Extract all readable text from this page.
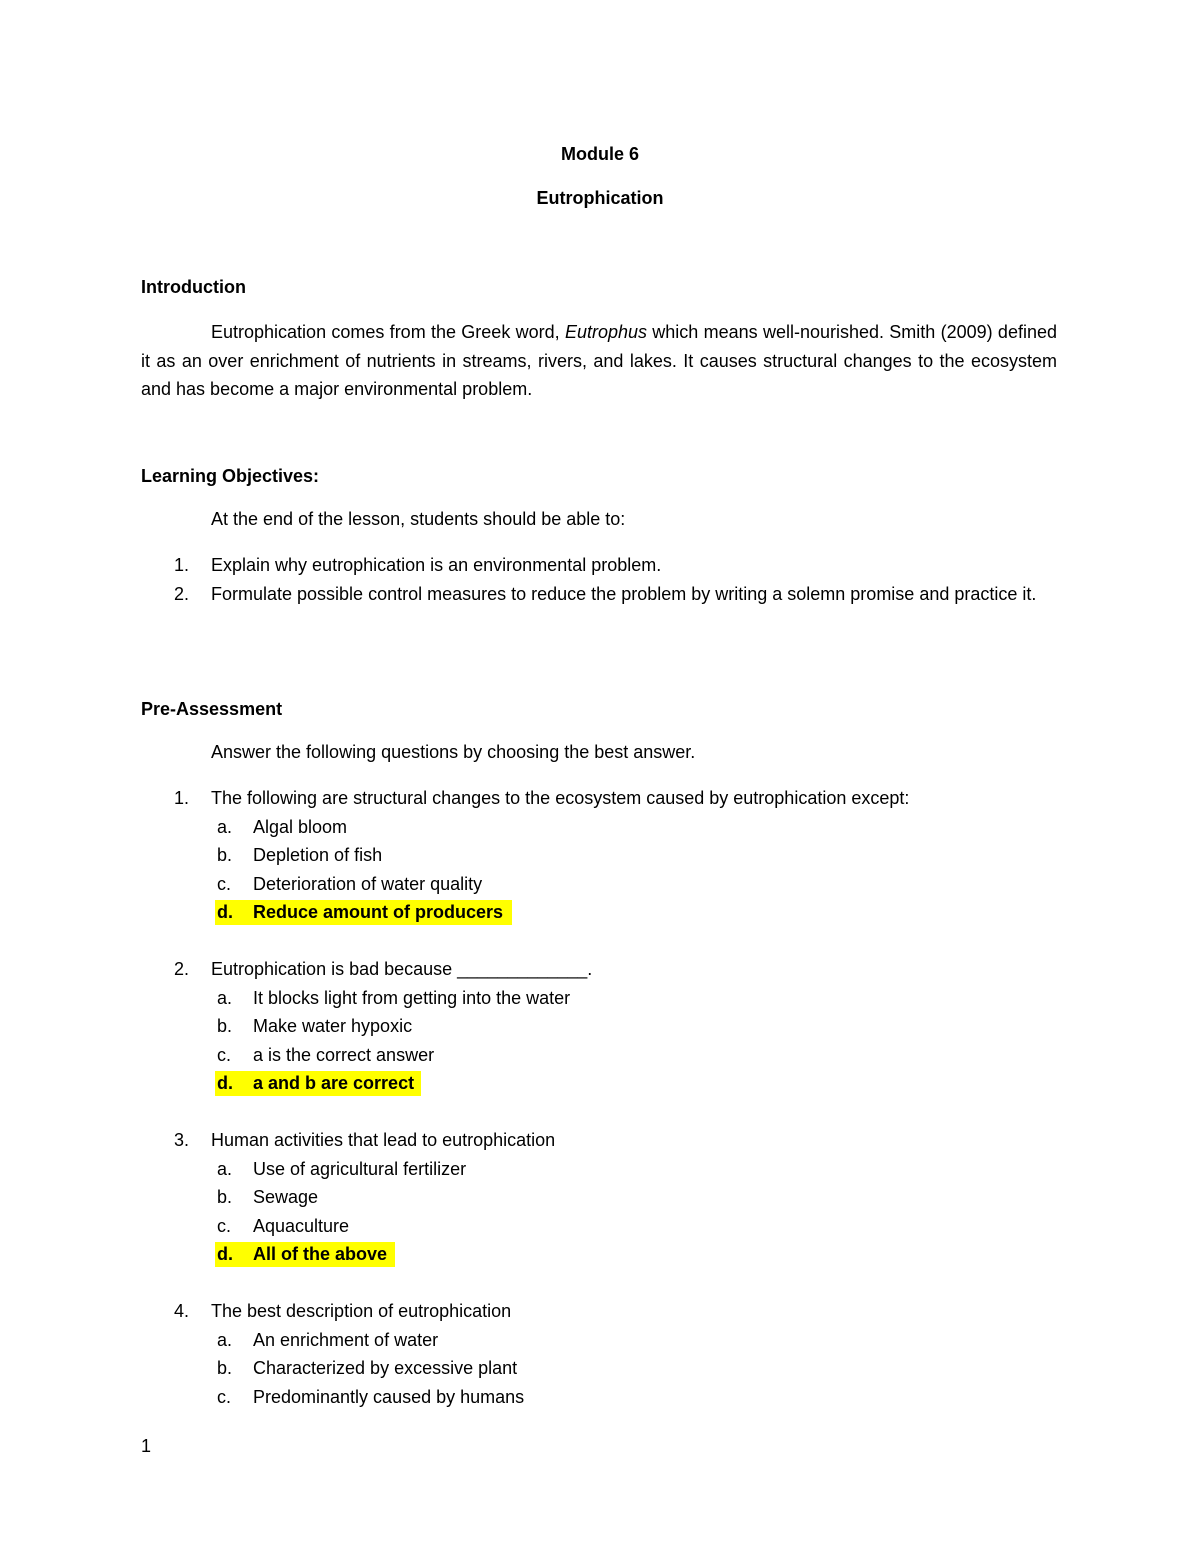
Module 6
Eutrophication
Introduction

Eutrophication comes from the Greek word, Eutrophus which means well-nourished. Smith (2009) defined it as an over enrichment of nutrients in streams, rivers, and lakes. It causes structural changes to the ecosystem and has become a major environmental problem.

Learning Objectives:
At the end of the lesson, students should be able to:
1. Explain why eutrophication is an environmental problem.
2. Formulate possible control measures to reduce the problem by writing a solemn promise and practice it.
Pre-Assessment
Answer the following questions by choosing the best answer.
1. The following are structural changes to the ecosystem caused by eutrophication except:
a. Algal bloom
b. Depletion of fish
c. Deterioration of water quality
d. Reduce amount of producers
2. Eutrophication is bad because _____________.
a. It blocks light from getting into the water
b. Make water hypoxic
c. a is the correct answer
d. a and b are correct
3. Human activities that lead to eutrophication
a. Use of agricultural fertilizer
b. Sewage
c. Aquaculture
d. All of the above
4. The best description of eutrophication
a. An enrichment of water
b. Characterized by excessive plant
c. Predominantly caused by humans
1
